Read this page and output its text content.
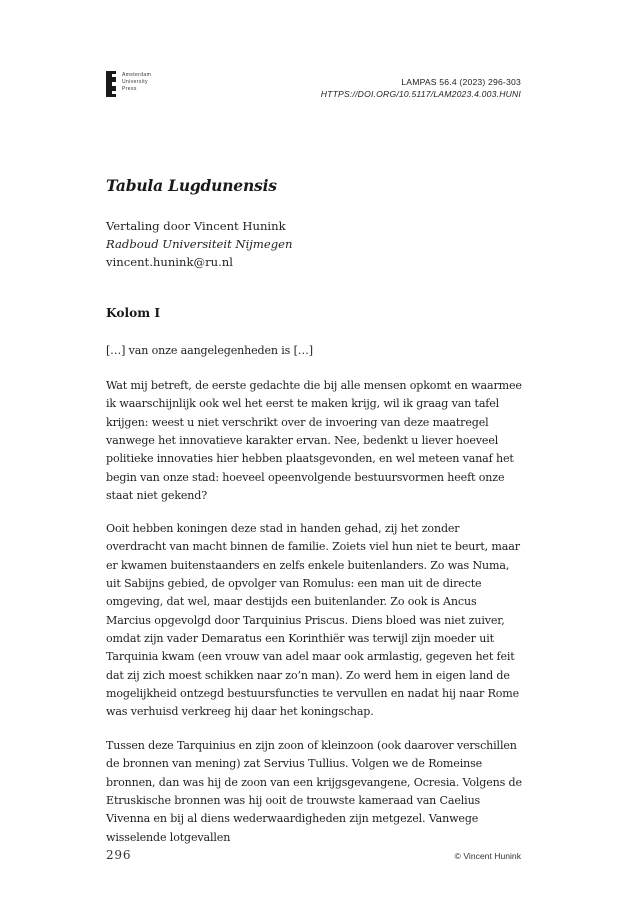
Amsterdam
University
Press
LAMPAS 56.4 (2023) 296-303
HTTPS://DOI.ORG/10.5117/LAM2023.4.003.HUNI
Tabula Lugdunensis
Vertaling door Vincent Hunink
Radboud Universiteit Nijmegen
vincent.hunink@ru.nl
Kolom I
[…] van onze aangelegenheden is […]
Wat mij betreft, de eerste gedachte die bij alle mensen opkomt en waarmee ik waarschijnlijk ook wel het eerst te maken krijg, wil ik graag van tafel krijgen: weest u niet verschrikt over de invoering van deze maatregel vanwege het innovatieve karakter ervan. Nee, bedenkt u liever hoeveel politieke innovaties hier hebben plaatsgevonden, en wel meteen vanaf het begin van onze stad: hoeveel opeenvolgende bestuursvormen heeft onze staat niet gekend?
Ooit hebben koningen deze stad in handen gehad, zij het zonder overdracht van macht binnen de familie. Zoiets viel hun niet te beurt, maar er kwamen buitenstaanders en zelfs enkele buitenlanders. Zo was Numa, uit Sabijns gebied, de opvolger van Romulus: een man uit de directe omgeving, dat wel, maar destijds een buitenlander. Zo ook is Ancus Marcius opgevolgd door Tarquinius Priscus. Diens bloed was niet zuiver, omdat zijn vader Demaratus een Korinthiër was terwijl zijn moeder uit Tarquinia kwam (een vrouw van adel maar ook armlastig, gegeven het feit dat zij zich moest schikken naar zo’n man). Zo werd hem in eigen land de mogelijkheid ontzegd bestuursfuncties te vervullen en nadat hij naar Rome was verhuisd verkreeg hij daar het koningschap.
Tussen deze Tarquinius en zijn zoon of kleinzoon (ook daarover verschillen de bronnen van mening) zat Servius Tullius. Volgen we de Romeinse bronnen, dan was hij de zoon van een krijgsgevangene, Ocresia. Volgens de Etruskische bronnen was hij ooit de trouwste kameraad van Caelius Vivenna en bij al diens wederwaardigheden zijn metgezel. Vanwege wisselende lotgevallen
296	© Vincent Hunink
